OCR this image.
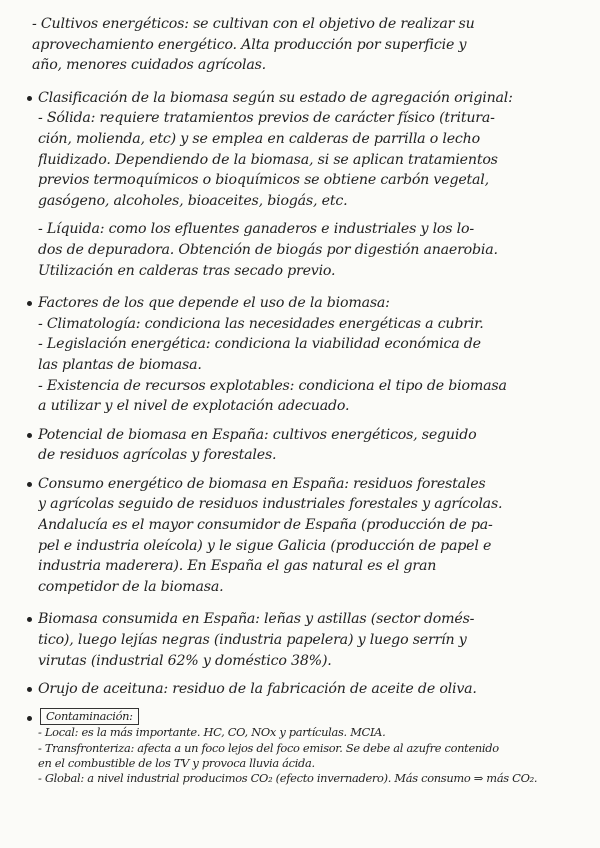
- Cultivos energéticos: se cultivan con el objetivo de realizar su
aprovechamiento energético. Alta producción por superficie y
año, menores cuidados agrícolas.
Clasificación de la biomasa según su estado de agregación original:
- Sólida: requiere tratamientos previos de carácter físico (tritura-
ción, molienda, etc) y se emplea en calderas de parrilla o lecho
fluidizado. Dependiendo de la biomasa, si se aplican tratamientos
previos termoquímicos o bioquímicos se obtiene carbón vegetal,
gasógeno, alcoholes, bioaceites, biogás, etc.
- Líquida: como los efluentes ganaderos e industriales y los lo-
dos de depuradora. Obtención de biogás por digestión anaerobia.
Utilización en calderas tras secado previo.
Factores de los que depende el uso de la biomasa:
- Climatología: condiciona las necesidades energéticas a cubrir.
- Legislación energética: condiciona la viabilidad económica de
las plantas de biomasa.
- Existencia de recursos explotables: condiciona el tipo de biomasa
a utilizar y el nivel de explotación adecuado.
Potencial de biomasa en España: cultivos energéticos, seguido
de residuos agrícolas y forestales.
Consumo energético de biomasa en España: residuos forestales
y agrícolas seguido de residuos industriales forestales y agrícolas.
Andalucía es el mayor consumidor de España (producción de pa-
pel e industria oleícola) y le sigue Galicia (producción de papel e
industria maderera). En España el gas natural es el gran
competidor de la biomasa.
Biomasa consumida en España: leñas y astillas (sector domés-
tico), luego lejías negras (industria papelera) y luego serrín y
virutas (industrial 62% y doméstico 38%).
Orujo de aceituna: residuo de la fabricación de aceite de oliva.
Contaminación:
- Local: es la más importante. HC, CO, NOx y partículas. MCIA.
- Transfronteriza: afecta a un foco lejos del foco emisor. Se debe al azufre contenido
en el combustible de los TV y provoca lluvia ácida.
- Global: a nivel industrial producimos CO₂ (efecto invernadero). Más consumo ⇒ más CO₂.
